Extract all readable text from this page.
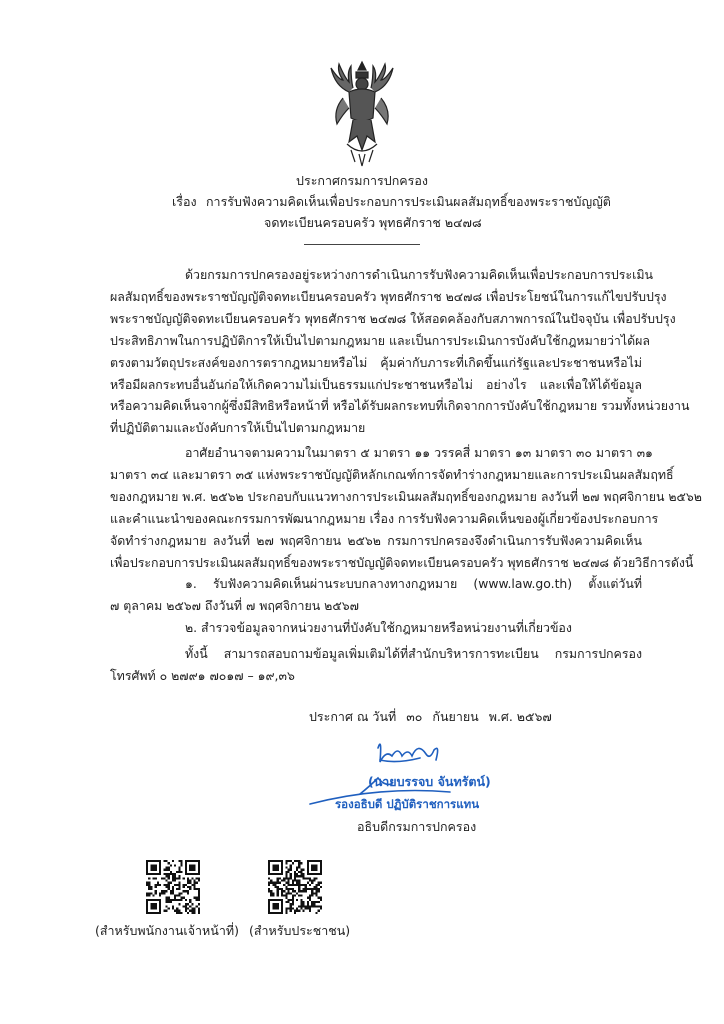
ประกาศกรมการปกครอง
เรื่อง การรับฟังความคิดเห็นเพื่อประกอบการประเมินผลสัมฤทธิ์ของพระราชบัญญัติ
จดทะเบียนครอบครัว พุทธศักราช ๒๔๗๘

ด้วยกรมการปกครองอยู่ระหว่างการดำเนินการรับฟังความคิดเห็นเพื่อประกอบการประเมิน

ผลสัมฤทธิ์ของพระราชบัญญัติจดทะเบียนครอบครัว พุทธศักราช ๒๔๗๘ เพื่อประโยชน์ในการแก้ไขปรับปรุง

พระราชบัญญัติจดทะเบียนครอบครัว พุทธศักราช ๒๔๗๘ ให้สอดคล้องกับสภาพการณ์ในปัจจุบัน เพื่อปรับปรุง

ประสิทธิภาพในการปฏิบัติการให้เป็นไปตามกฎหมาย และเป็นการประเมินการบังคับใช้กฎหมายว่าได้ผล

ตรงตามวัตถุประสงค์ของการตรากฎหมายหรือไม่ คุ้มค่ากับภาระที่เกิดขึ้นแก่รัฐและประชาชนหรือไม่

หรือมีผลกระทบอื่นอันก่อให้เกิดความไม่เป็นธรรมแก่ประชาชนหรือไม่ อย่างไร และเพื่อให้ได้ข้อมูล

หรือความคิดเห็นจากผู้ซึ่งมีสิทธิหรือหน้าที่ หรือได้รับผลกระทบที่เกิดจากการบังคับใช้กฎหมาย รวมทั้งหน่วยงาน

ที่ปฏิบัติตามและบังคับการให้เป็นไปตามกฎหมาย

อาศัยอำนาจตามความในมาตรา ๕ มาตรา ๑๑ วรรคสี่ มาตรา ๑๓ มาตรา ๓๐ มาตรา ๓๑

มาตรา ๓๔ และมาตรา ๓๕ แห่งพระราชบัญญัติหลักเกณฑ์การจัดทำร่างกฎหมายและการประเมินผลสัมฤทธิ์

ของกฎหมาย พ.ศ. ๒๕๖๒ ประกอบกับแนวทางการประเมินผลสัมฤทธิ์ของกฎหมาย ลงวันที่ ๒๗ พฤศจิกายน ๒๕๖๒

และคำแนะนำของคณะกรรมการพัฒนากฎหมาย เรื่อง การรับฟังความคิดเห็นของผู้เกี่ยวข้องประกอบการ

จัดทำร่างกฎหมาย ลงวันที่ ๒๗ พฤศจิกายน ๒๕๖๒ กรมการปกครองจึงดำเนินการรับฟังความคิดเห็น

เพื่อประกอบการประเมินผลสัมฤทธิ์ของพระราชบัญญัติจดทะเบียนครอบครัว พุทธศักราช ๒๔๗๘ ด้วยวิธีการดังนี้

๑. รับฟังความคิดเห็นผ่านระบบกลางทางกฎหมาย (www.law.go.th) ตั้งแต่วันที่

๗ ตุลาคม ๒๕๖๗ ถึงวันที่ ๗ พฤศจิกายน ๒๕๖๗

๒. สำรวจข้อมูลจากหน่วยงานที่บังคับใช้กฎหมายหรือหน่วยงานที่เกี่ยวข้อง

ทั้งนี้ สามารถสอบถามข้อมูลเพิ่มเติมได้ที่สำนักบริหารการทะเบียน กรมการปกครอง

โทรศัพท์ ๐ ๒๗๙๑ ๗๐๑๗ – ๑๙,๓๖

ประกาศ ณ วันที่ ๓๐ กันยายน พ.ศ. ๒๕๖๗
(นายบรรจบ จันทรัตน์)
รองอธิบดี ปฏิบัติราชการแทน
อธิบดีกรมการปกครอง
(สำหรับพนักงานเจ้าหน้าที่) (สำหรับประชาชน)
